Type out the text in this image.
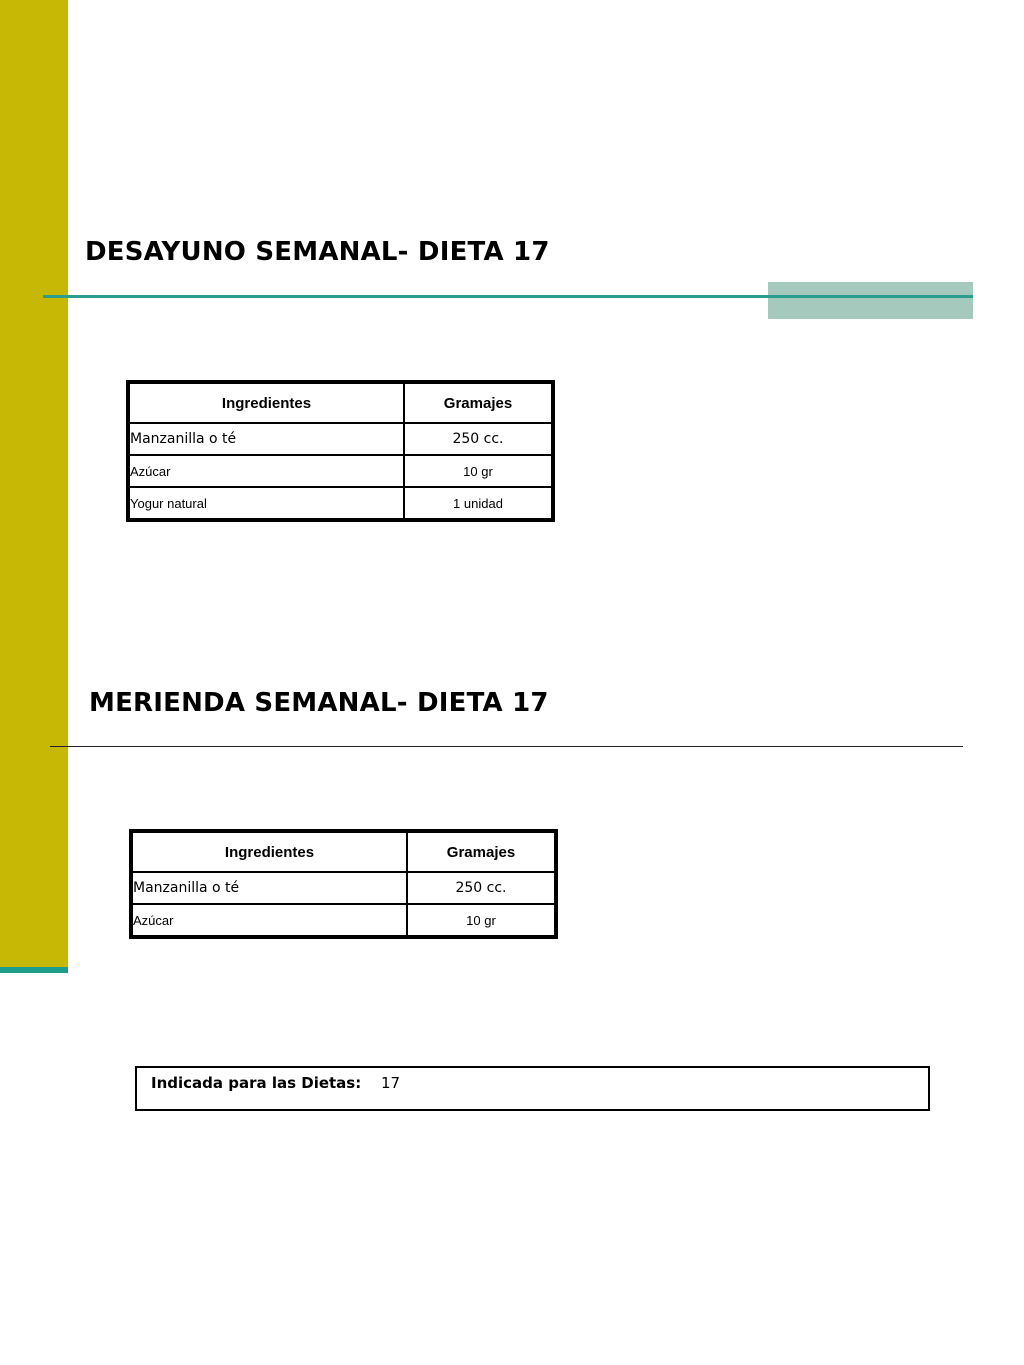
DESAYUNO SEMANAL- DIETA 17
Ingredientes	Gramajes
Manzanilla o té	250 cc.
Azúcar	10 gr
Yogur natural	1 unidad
MERIENDA SEMANAL- DIETA 17
Ingredientes	Gramajes
Manzanilla o té	250 cc.
Azúcar	10 gr
Indicada para las Dietas: 17
